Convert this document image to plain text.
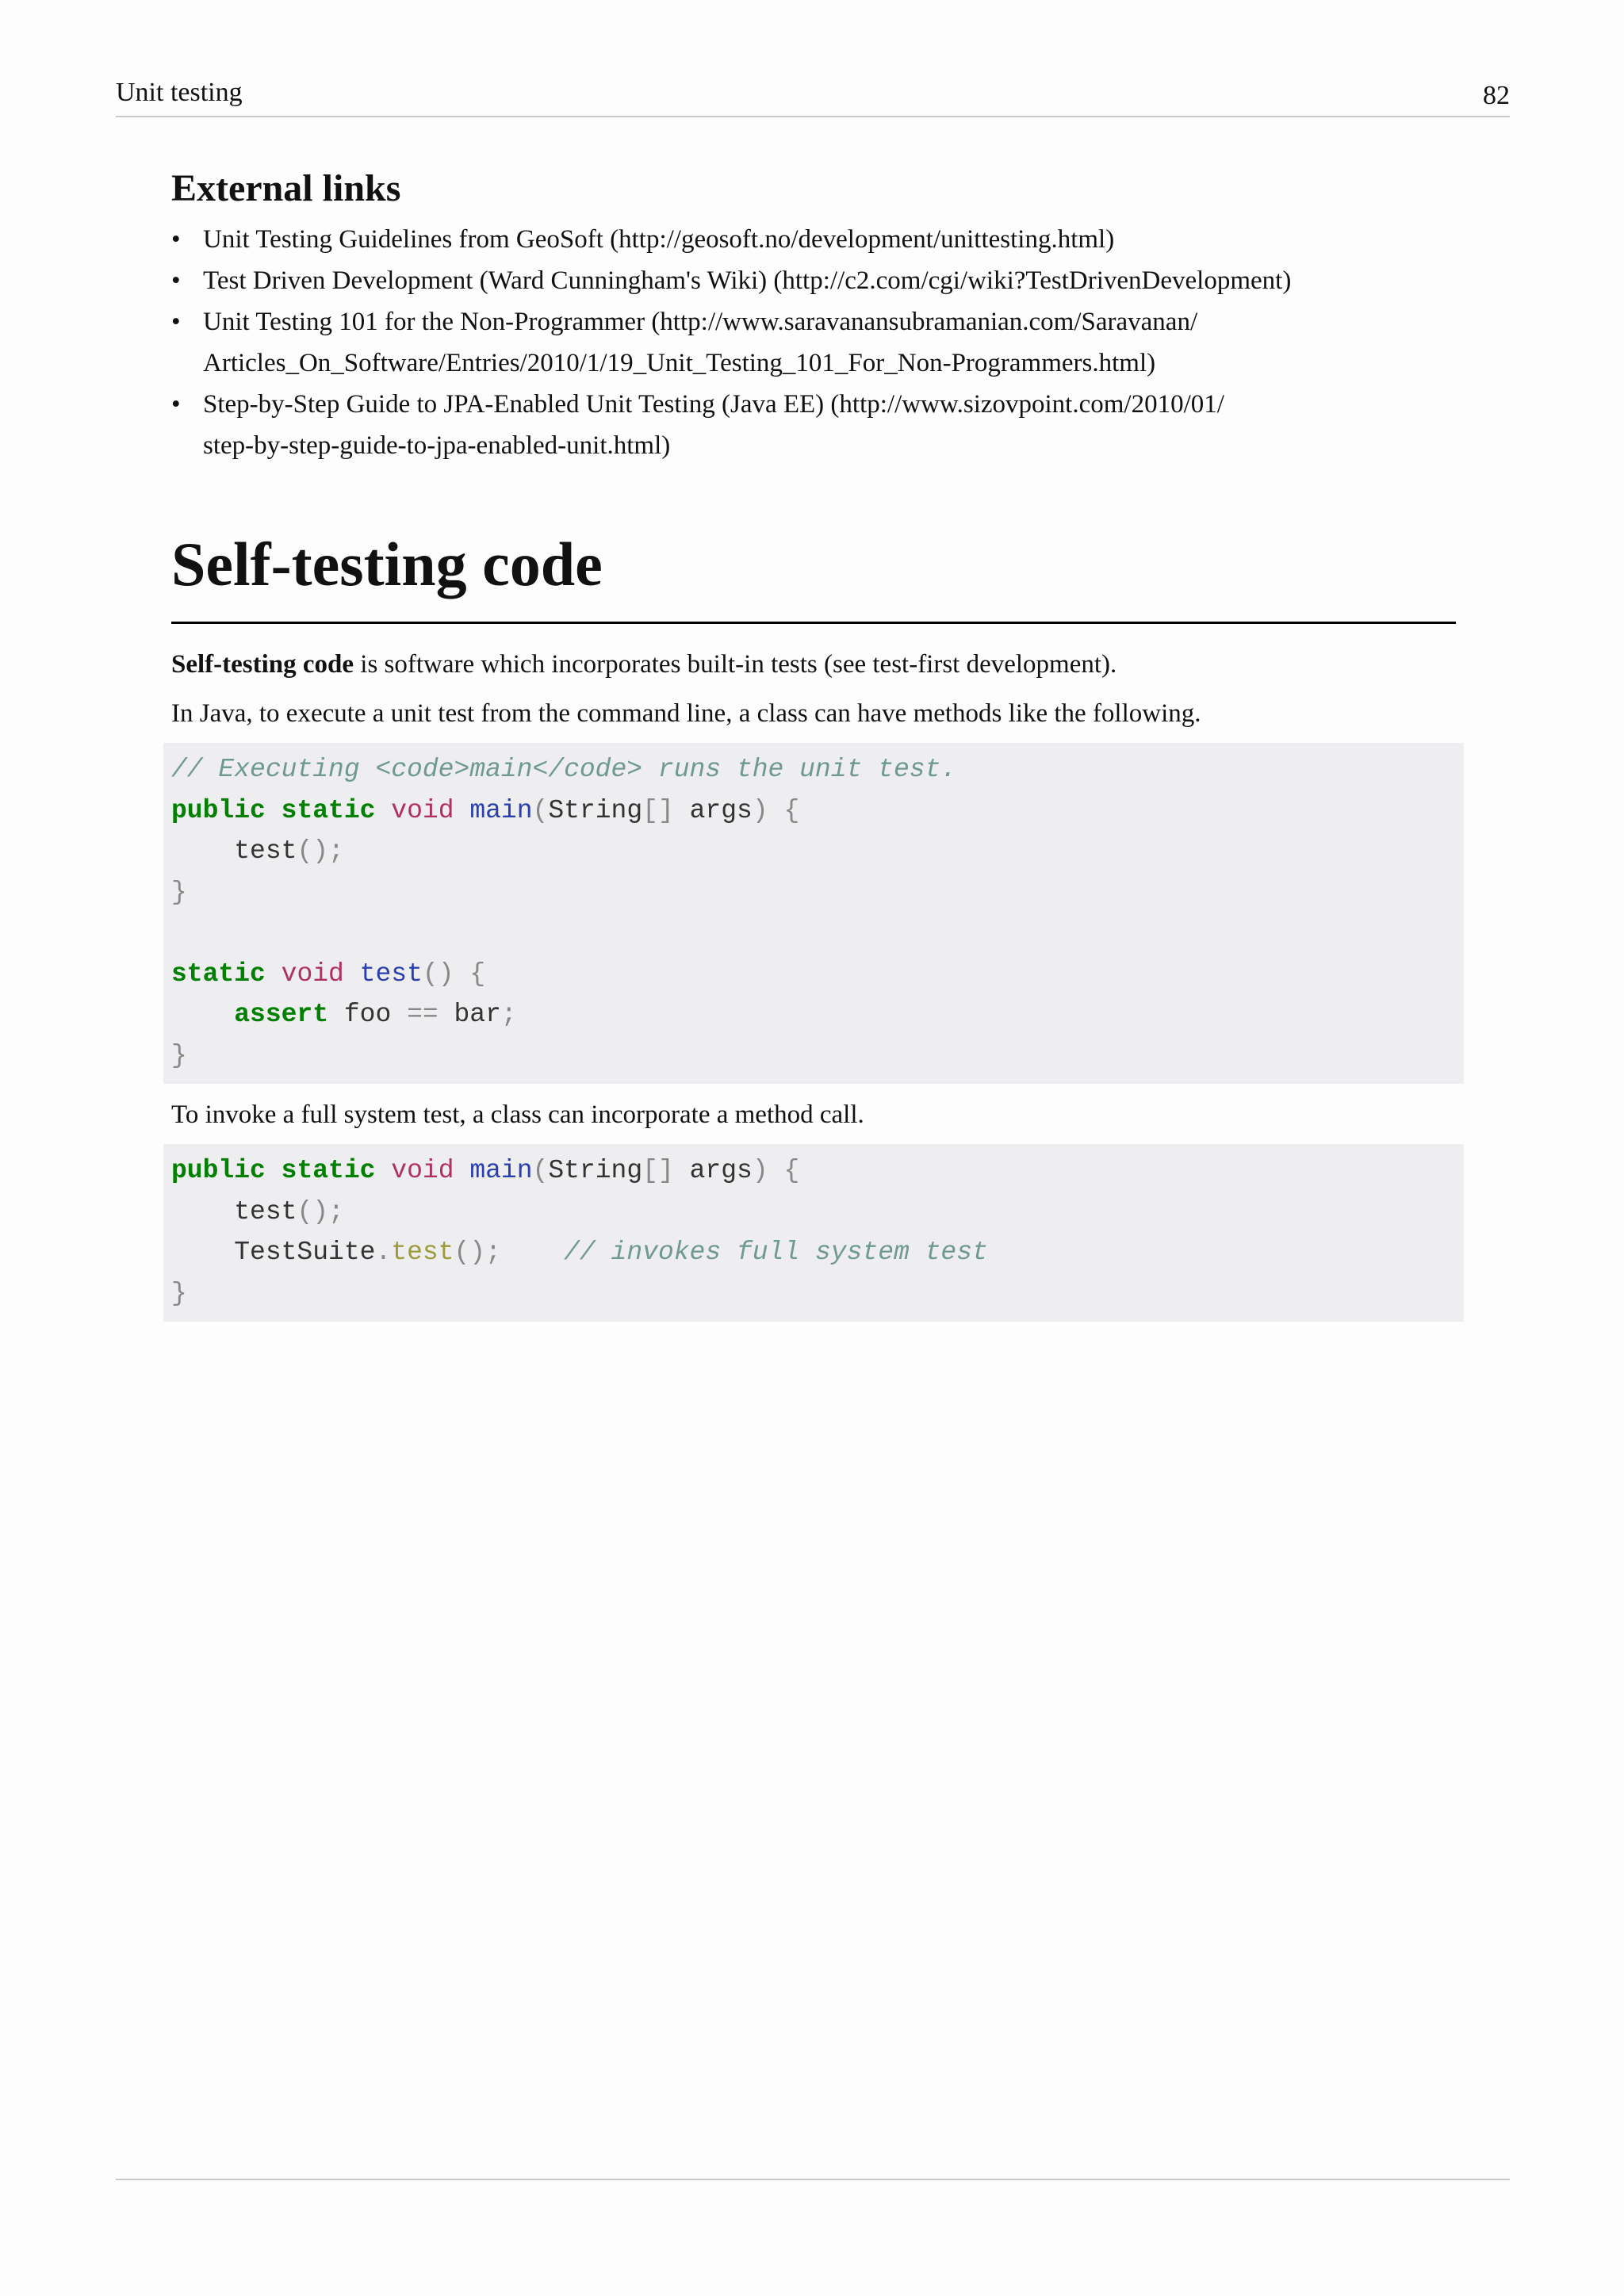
Unit testing	82
External links
• Unit Testing Guidelines from GeoSoft (http://geosoft.no/development/unittesting.html)
• Test Driven Development (Ward Cunningham's Wiki) (http://c2.com/cgi/wiki?TestDrivenDevelopment)
• Unit Testing 101 for the Non-Programmer (http://www.saravanansubramanian.com/Saravanan/
Articles_On_Software/Entries/2010/1/19_Unit_Testing_101_For_Non-Programmers.html)
• Step-by-Step Guide to JPA-Enabled Unit Testing (Java EE) (http://www.sizovpoint.com/2010/01/
step-by-step-guide-to-jpa-enabled-unit.html)
Self-testing code

Self-testing code is software which incorporates built-in tests (see test-first development).

In Java, to execute a unit test from the command line, a class can have methods like the following.

// Executing <code>main</code> runs the unit test.
public static void main(String[] args) {
test();
}

static void test() {
assert foo == bar;
}

To invoke a full system test, a class can incorporate a method call.

public static void main(String[] args) {
test();
TestSuite.test(); // invokes full system test
}
